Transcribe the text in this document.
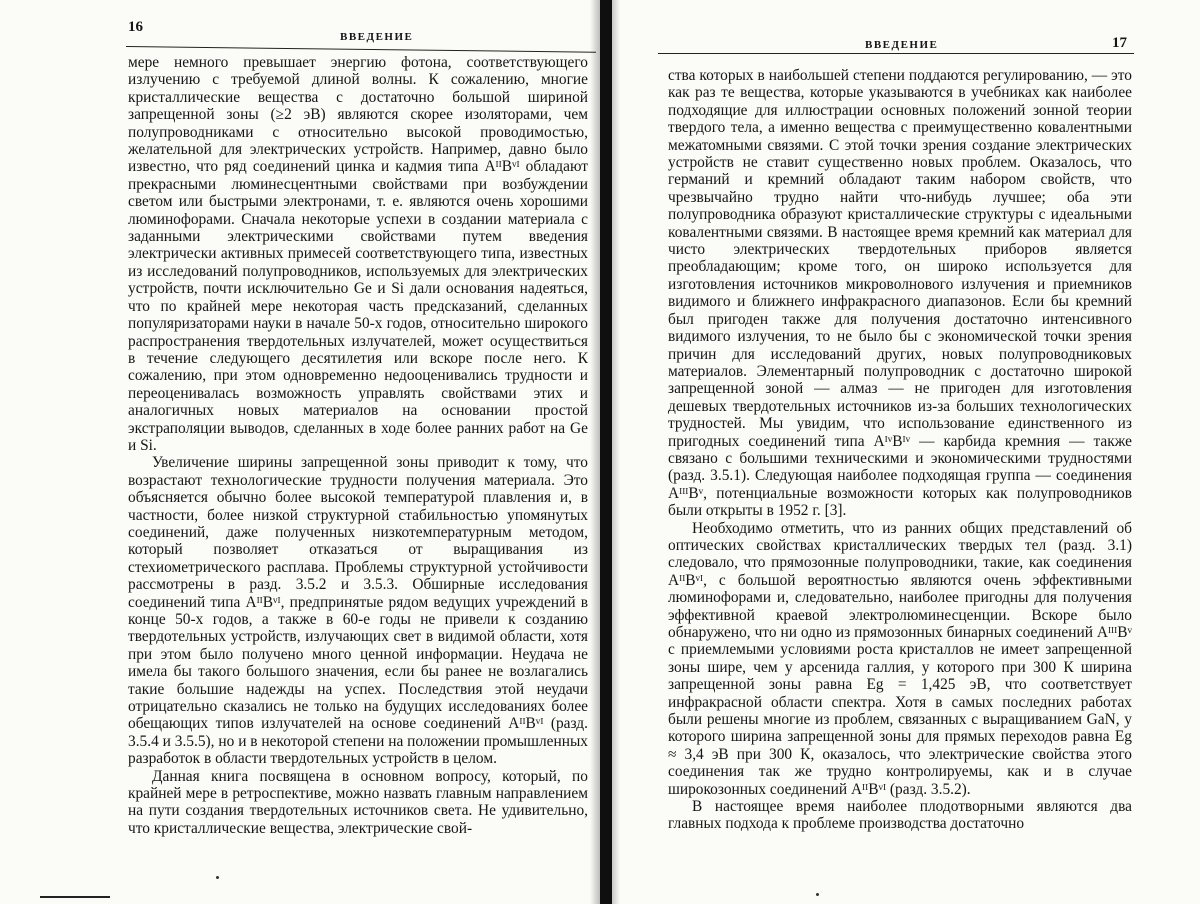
16
ВВЕДЕНИЕ

мере немного превышает энергию фотона, соответствующего излучению с требуемой длиной волны. К сожалению, многие кристаллические вещества с достаточно большой шириной запрещенной зоны (≥2 эВ) являются скорее изоляторами, чем полупроводниками с относительно высокой проводимостью, желательной для электрических устройств. Например, давно было известно, что ряд соединений цинка и кадмия типа AᴵᴵBᵛᴵ обладают прекрасными люминесцентными свойствами при возбуждении светом или быстрыми электронами, т. е. являются очень хорошими люминофорами. Сначала некоторые успехи в создании материала с заданными электрическими свойствами путем введения электрически активных примесей соответствующего типа, известных из исследований полупроводников, используемых для электрических устройств, почти исключительно Ge и Si дали основания надеяться, что по крайней мере некоторая часть предсказаний, сделанных популяризаторами науки в начале 50-х годов, относительно широкого распространения твердотельных излучателей, может осуществиться в течение следующего десятилетия или вскоре после него. К сожалению, при этом одновременно недооценивались трудности и переоценивалась возможность управлять свойствами этих и аналогичных новых материалов на основании простой экстраполяции выводов, сделанных в ходе более ранних работ на Ge и Si.

Увеличение ширины запрещенной зоны приводит к тому, что возрастают технологические трудности получения материала. Это объясняется обычно более высокой температурой плавления и, в частности, более низкой структурной стабильностью упомянутых соединений, даже полученных низкотемпературным методом, который позволяет отказаться от выращивания из стехиометрического расплава. Проблемы структурной устойчивости рассмотрены в разд. 3.5.2 и 3.5.3. Обширные исследования соединений типа AᴵᴵBᵛᴵ, предпринятые рядом ведущих учреждений в конце 50-х годов, а также в 60-е годы не привели к созданию твердотельных устройств, излучающих свет в видимой области, хотя при этом было получено много ценной информации. Неудача не имела бы такого большого значения, если бы ранее не возлагались такие большие надежды на успех. Последствия этой неудачи отрицательно сказались не только на будущих исследованиях более обещающих типов излучателей на основе соединений AᴵᴵBᵛᴵ (разд. 3.5.4 и 3.5.5), но и в некоторой степени на положении промышленных разработок в области твердотельных устройств в целом.

Данная книга посвящена в основном вопросу, который, по крайней мере в ретроспективе, можно назвать главным направлением на пути создания твердотельных источников света. Не удивительно, что кристаллические вещества, электрические свой-

ВВЕДЕНИЕ	17

ства которых в наибольшей степени поддаются регулированию, — это как раз те вещества, которые указываются в учебниках как наиболее подходящие для иллюстрации основных положений зонной теории твердого тела, а именно вещества с преимущественно ковалентными межатомными связями. С этой точки зрения создание электрических устройств не ставит существенно новых проблем. Оказалось, что германий и кремний обладают таким набором свойств, что чрезвычайно трудно найти что-нибудь лучшее; оба эти полупроводника образуют кристаллические структуры с идеальными ковалентными связями. В настоящее время кремний как материал для чисто электрических твердотельных приборов является преобладающим; кроме того, он широко используется для изготовления источников микроволнового излучения и приемников видимого и ближнего инфракрасного диапазонов. Если бы кремний был пригоден также для получения достаточно интенсивного видимого излучения, то не было бы с экономической точки зрения причин для исследований других, новых полупроводниковых материалов. Элементарный полупроводник с достаточно широкой запрещенной зоной — алмаз — не пригоден для изготовления дешевых твердотельных источников из-за больших технологических трудностей. Мы увидим, что использование единственного из пригодных соединений типа AᴵᵛBᴵᵛ — карбида кремния — также связано с большими техническими и экономическими трудностями (разд. 3.5.1). Следующая наиболее подходящая группа — соединения AᴵᴵᴵBᵛ, потенциальные возможности которых как полупроводников были открыты в 1952 г. [3].

Необходимо отметить, что из ранних общих представлений об оптических свойствах кристаллических твердых тел (разд. 3.1) следовало, что прямозонные полупроводники, такие, как соединения AᴵᴵBᵛᴵ, с большой вероятностью являются очень эффективными люминофорами и, следовательно, наиболее пригодны для получения эффективной краевой электролюминесценции. Вскоре было обнаружено, что ни одно из прямозонных бинарных соединений AᴵᴵᴵBᵛ с приемлемыми условиями роста кристаллов не имеет запрещенной зоны шире, чем у арсенида галлия, у которого при 300 К ширина запрещенной зоны равна Eg = 1,425 эВ, что соответствует инфракрасной области спектра. Хотя в самых последних работах были решены многие из проблем, связанных с выращиванием GaN, у которого ширина запрещенной зоны для прямых переходов равна Eg ≈ 3,4 эВ при 300 К, оказалось, что электрические свойства этого соединения так же трудно контролируемы, как и в случае широкозонных соединений AᴵᴵBᵛᴵ (разд. 3.5.2).

В настоящее время наиболее плодотворными являются два главных подхода к проблеме производства достаточно
